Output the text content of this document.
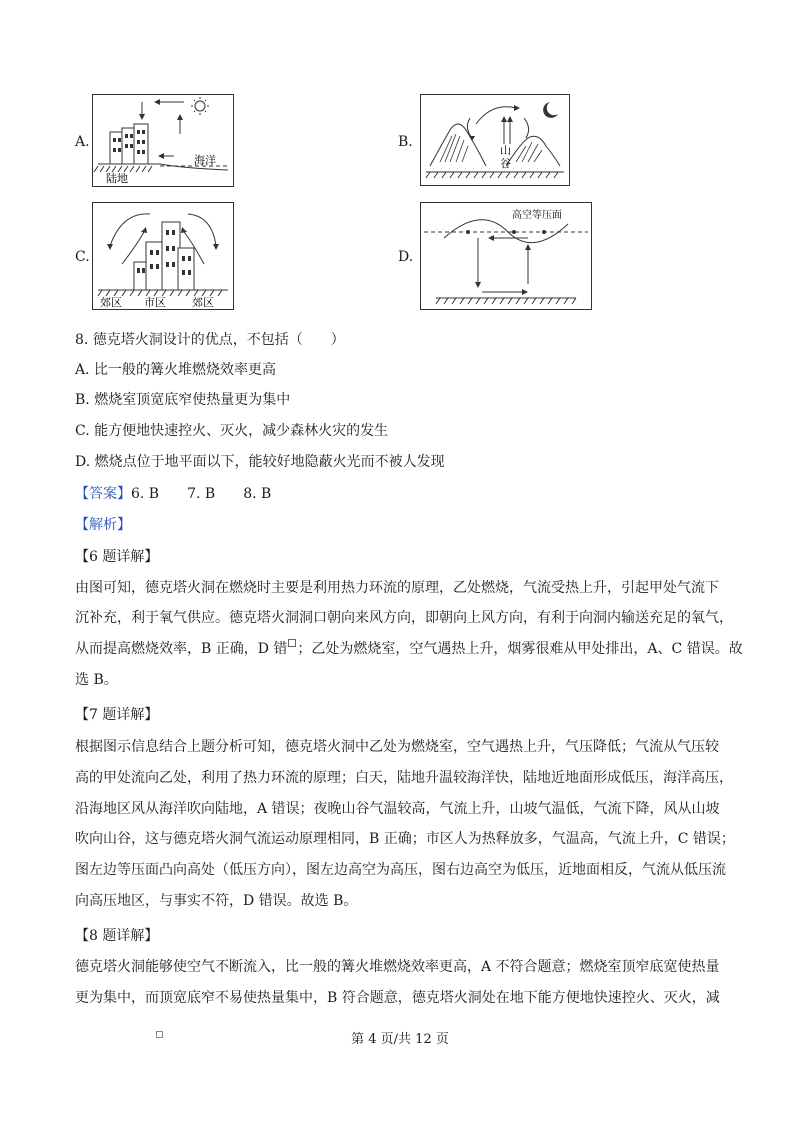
A.	B.
C.	D.
陆地
海洋
山
谷
郊区 市区 郊区
高空等压面
8. 德克塔火洞设计的优点，不包括（　　）
A. 比一般的篝火堆燃烧效率更高
B. 燃烧室顶宽底窄使热量更为集中
C. 能方便地快速控火、灭火，减少森林火灾的发生
D. 燃烧点位于地平面以下，能较好地隐蔽火光而不被人发现
【答案】6. B　　7. B　　8. B
【解析】
【6 题详解】
由图可知，德克塔火洞在燃烧时主要是利用热力环流的原理，乙处燃烧，气流受热上升，引起甲处气流下
沉补充，利于氧气供应。德克塔火洞洞口朝向来风方向，即朝向上风方向，有利于向洞内输送充足的氧气，
从而提高燃烧效率，B 正确，D 错 ；乙处为燃烧室，空气遇热上升，烟雾很难从甲处排出，A、C 错误。故
选 B。
【7 题详解】
根据图示信息结合上题分析可知，德克塔火洞中乙处为燃烧室，空气遇热上升，气压降低；气流从气压较
高的甲处流向乙处，利用了热力环流的原理；白天，陆地升温较海洋快，陆地近地面形成低压，海洋高压，
沿海地区风从海洋吹向陆地，A 错误；夜晚山谷气温较高，气流上升，山坡气温低，气流下降，风从山坡
吹向山谷，这与德克塔火洞气流运动原理相同，B 正确；市区人为热释放多，气温高，气流上升，C 错误；
图左边等压面凸向高处（低压方向），图左边高空为高压，图右边高空为低压，近地面相反，气流从低压流
向高压地区，与事实不符，D 错误。故选 B。
【8 题详解】
德克塔火洞能够使空气不断流入，比一般的篝火堆燃烧效率更高，A 不符合题意；燃烧室顶窄底宽使热量
更为集中，而顶宽底窄不易使热量集中，B 符合题意，德克塔火洞处在地下能方便地快速控火、灭火，减
第 4 页/共 12 页
